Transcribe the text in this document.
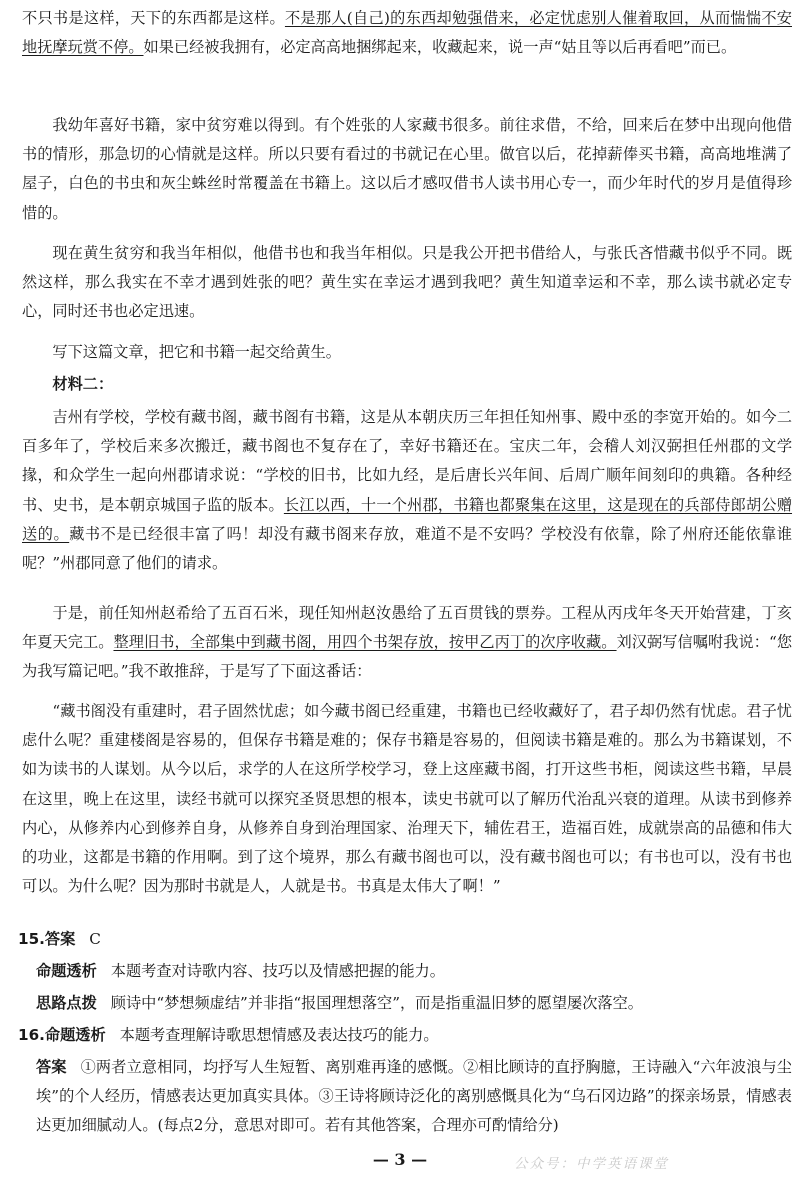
不只书是这样，天下的东西都是这样。不是那人(自己)的东西却勉强借来，必定忧虑别人催着取回，从而惴惴不安地抚摩玩赏不停。如果已经被我拥有，必定高高地捆绑起来，收藏起来，说一声“姑且等以后再看吧”而已。

我幼年喜好书籍，家中贫穷难以得到。有个姓张的人家藏书很多。前往求借，不给，回来后在梦中出现向他借书的情形，那急切的心情就是这样。所以只要有看过的书就记在心里。做官以后，花掉薪俸买书籍，高高地堆满了屋子，白色的书虫和灰尘蛛丝时常覆盖在书籍上。这以后才感叹借书人读书用心专一，而少年时代的岁月是值得珍惜的。

现在黄生贫穷和我当年相似，他借书也和我当年相似。只是我公开把书借给人，与张氏吝惜藏书似乎不同。既然这样，那么我实在不幸才遇到姓张的吧？黄生实在幸运才遇到我吧？黄生知道幸运和不幸，那么读书就必定专心，同时还书也必定迅速。

写下这篇文章，把它和书籍一起交给黄生。

材料二：

吉州有学校，学校有藏书阁，藏书阁有书籍，这是从本朝庆历三年担任知州事、殿中丞的李宽开始的。如今二百多年了，学校后来多次搬迁，藏书阁也不复存在了，幸好书籍还在。宝庆二年，会稽人刘汉弼担任州郡的文学掾，和众学生一起向州郡请求说：“学校的旧书，比如九经，是后唐长兴年间、后周广顺年间刻印的典籍。各种经书、史书，是本朝京城国子监的版本。长江以西，十一个州郡，书籍也都聚集在这里，这是现在的兵部侍郎胡公赠送的。藏书不是已经很丰富了吗！却没有藏书阁来存放，难道不是不安吗？学校没有依靠，除了州府还能依靠谁呢？”州郡同意了他们的请求。

于是，前任知州赵希给了五百石米，现任知州赵汝愚给了五百贯钱的票券。工程从丙戌年冬天开始营建，丁亥年夏天完工。整理旧书，全部集中到藏书阁，用四个书架存放，按甲乙丙丁的次序收藏。刘汉弼写信嘱咐我说：“您为我写篇记吧。”我不敢推辞，于是写了下面这番话：

“藏书阁没有重建时，君子固然忧虑；如今藏书阁已经重建，书籍也已经收藏好了，君子却仍然有忧虑。君子忧虑什么呢？重建楼阁是容易的，但保存书籍是难的；保存书籍是容易的，但阅读书籍是难的。那么为书籍谋划，不如为读书的人谋划。从今以后，求学的人在这所学校学习，登上这座藏书阁，打开这些书柜，阅读这些书籍，早晨在这里，晚上在这里，读经书就可以探究圣贤思想的根本，读史书就可以了解历代治乱兴衰的道理。从读书到修养内心，从修养内心到修养自身，从修养自身到治理国家、治理天下，辅佐君王，造福百姓，成就崇高的品德和伟大的功业，这都是书籍的作用啊。到了这个境界，那么有藏书阁也可以，没有藏书阁也可以；有书也可以，没有书也可以。为什么呢？因为那时书就是人，人就是书。书真是太伟大了啊！”

15.答案 C

命题透析 本题考查对诗歌内容、技巧以及情感把握的能力。

思路点拨 顾诗中“梦想频虚结”并非指“报国理想落空”，而是指重温旧梦的愿望屡次落空。

16.命题透析 本题考查理解诗歌思想情感及表达技巧的能力。

答案 ①两者立意相同，均抒写人生短暂、离别难再逢的感慨。②相比顾诗的直抒胸臆，王诗融入“六年波浪与尘埃”的个人经历，情感表达更加真实具体。③王诗将顾诗泛化的离别感慨具化为“乌石冈边路”的探亲场景，情感表达更加细腻动人。(每点2分，意思对即可。若有其他答案，合理亦可酌情给分)

— 3 —	公众号：中学英语课堂
